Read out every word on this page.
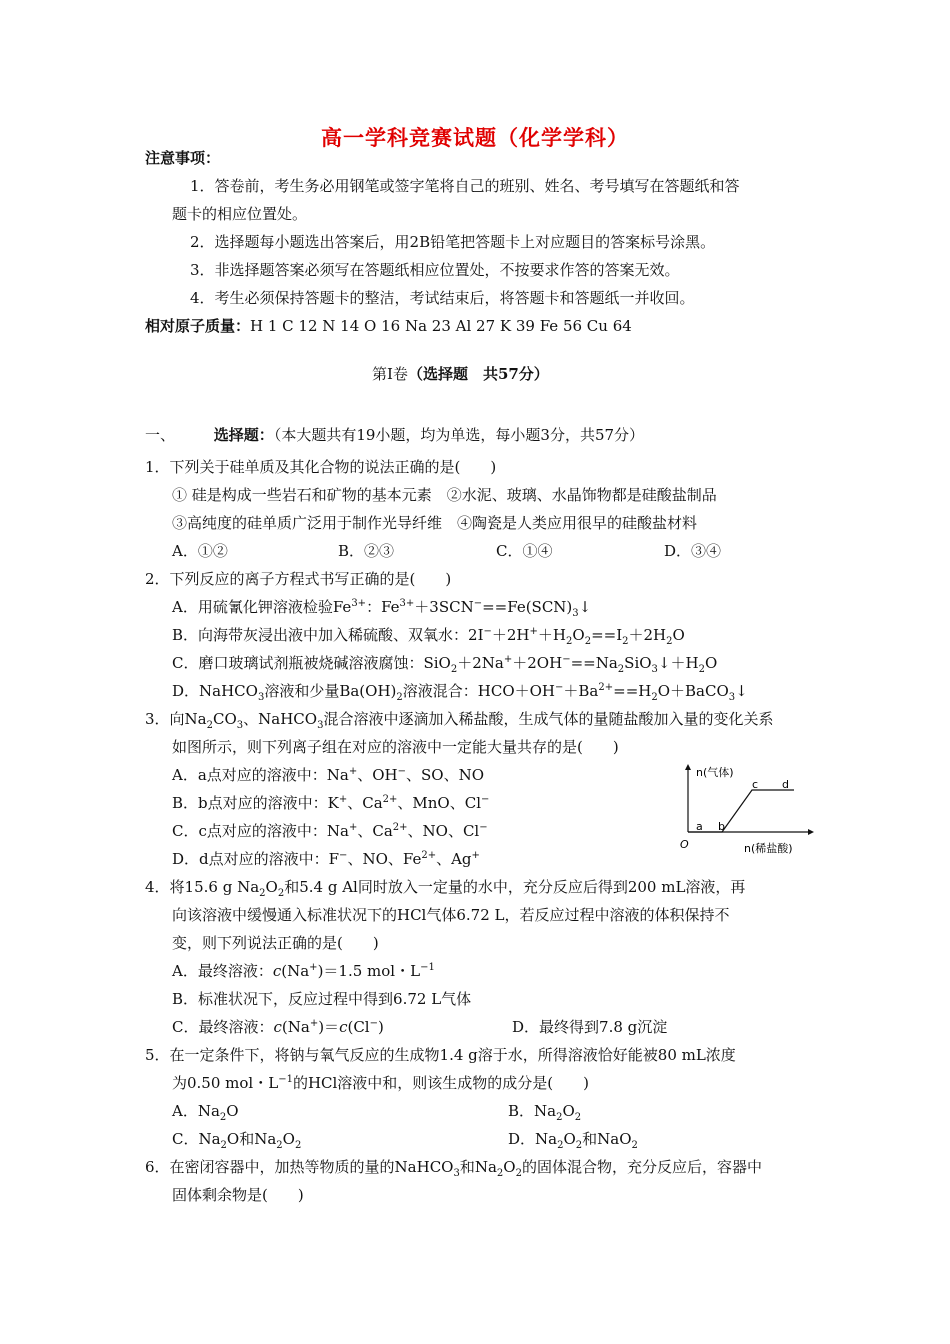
高一学科竞赛试题（化学学科）
注意事项：
1．答卷前，考生务必用钢笔或签字笔将自己的班别、姓名、考号填写在答题纸和答
题卡的相应位置处。
2．选择题每小题选出答案后，用2B铅笔把答题卡上对应题目的答案标号涂黑。
3．非选择题答案必须写在答题纸相应位置处，不按要求作答的答案无效。
4．考生必须保持答题卡的整洁，考试结束后，将答题卡和答题纸一并收回。
相对原子质量：H 1 C 12 N 14 O 16 Na 23 Al 27 K 39 Fe 56 Cu 64
第Ⅰ卷（选择题　共57分）
一、	选择题：（本大题共有19小题，均为单选，每小题3分，共57分）
1．下列关于硅单质及其化合物的说法正确的是(　　)
① 硅是构成一些岩石和矿物的基本元素　②水泥、玻璃、水晶饰物都是硅酸盐制品
③高纯度的硅单质广泛用于制作光导纤维　④陶瓷是人类应用很早的硅酸盐材料
A．①②	B．②③	C．①④	D．③④
2．下列反应的离子方程式书写正确的是(　　)
A．用硫氰化钾溶液检验$Fe^{3+}$：$Fe^{3+}+3SCN^-==Fe(SCN)_3↓$
B．向海带灰浸出液中加入稀硫酸、双氧水：$2I^-+2H^++H_2O_2==I_2+2H_2O$
C．磨口玻璃试剂瓶被烧碱溶液腐蚀：$SiO_2+2Na^++2OH^-==Na_2SiO_3↓+H_2O$
D．NaHCO$_3$溶液和少量$Ba(OH)_2$溶液混合：$HCO+OH^-+Ba^{2+}==H_2O+BaCO_3↓$
3．向$Na_2CO_3$、NaHCO$_3$混合溶液中逐滴加入稀盐酸，生成气体的量随盐酸加入量的变化关系
如图所示，则下列离子组在对应的溶液中一定能大量共存的是(　　)
A．a点对应的溶液中：Na+、OH−、SO、NO
B．b点对应的溶液中：K+、$Ca^{2+}$、MnO、Cl−
C．c点对应的溶液中：Na+、$Ca^{2+}$、NO、Cl−
D．d点对应的溶液中：F−、NO、$Fe^{2+}$、Ag+
n(气体)
n(稀盐酸)
O
a b
c d
4．将15.6 g $Na_2O_2$和5.4 g Al同时放入一定量的水中，充分反应后得到200 mL溶液，再
向该溶液中缓慢通入标准状况下的HCl气体6.72 L，若反应过程中溶液的体积保持不
变，则下列说法正确的是(　　)
A．最终溶液：c(Na+)＝1.5 mol・$L^{-1}$
B．标准状况下，反应过程中得到6.72 L气体
C．最终溶液：c(Na+)＝c(Cl−)	D．最终得到7.8 g沉淀
5．在一定条件下，将钠与氧气反应的生成物1.4 g溶于水，所得溶液恰好能被80 mL浓度
为0.50 mol・$L^{-1}$的HCl溶液中和，则该生成物的成分是(　　)
A．$Na_2O$	B．$Na_2O_2$
C．$Na_2O$和$Na_2O_2$	D．$Na_2O_2$和NaO$_2$
6．在密闭容器中，加热等物质的量的NaHCO$_3$和$Na_2O_2$的固体混合物，充分反应后，容器中
固体剩余物是(　　)
